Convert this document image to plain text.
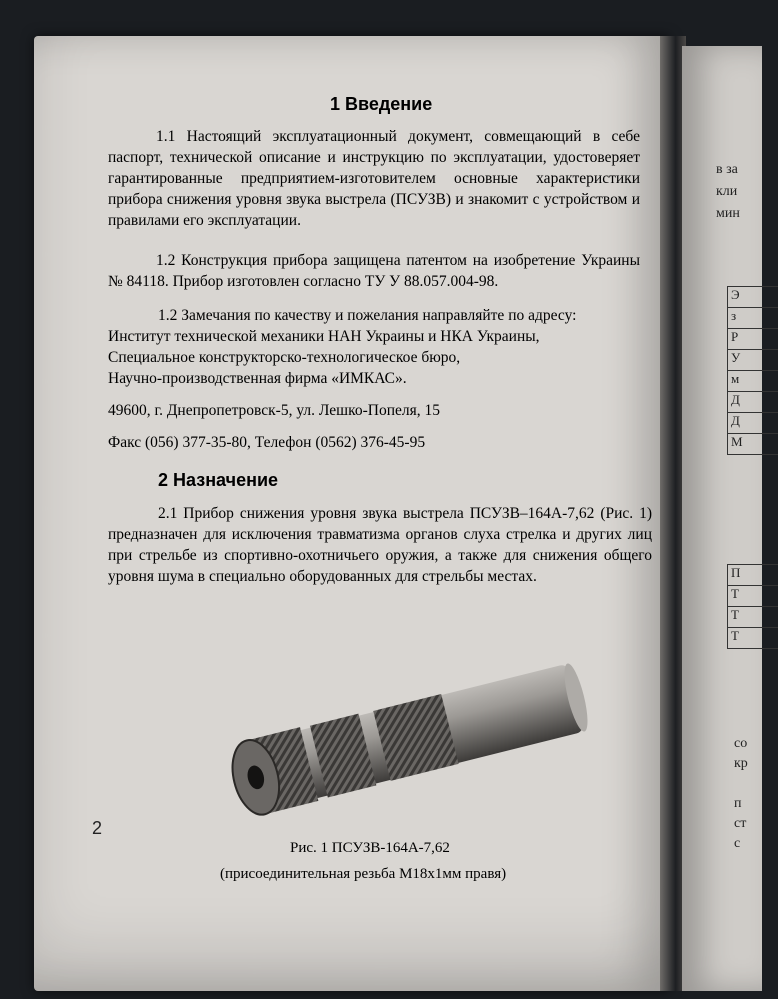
в за
кли
мин
Э
з
Р
У
м
Д
Д
М
П
Т
Т
Т
со
кр
п
ст
с
1 Введение
1.1 Настоящий эксплуатационный документ, совмещающий в себе паспорт, технической описание и инструкцию по эксплуатации, удостоверяет гарантированные предприятием-изготовителем основные характеристики прибора снижения уровня звука выстрела (ПСУЗВ) и знакомит с устройством и правилами его эксплуатации.
1.2 Конструкция прибора защищена патентом на изобретение Украины № 84118. Прибор изготовлен согласно ТУ У 88.057.004-98.
1.2 Замечания по качеству и пожелания направляйте по адресу:
Институт технической механики НАН Украины и НКА Украины,
Специальное конструкторско-технологическое бюро,
Научно-производственная фирма «ИМКАС».
49600, г. Днепропетровск-5, ул. Лешко-Попеля, 15
Факс (056) 377-35-80, Телефон (0562) 376-45-95
2 Назначение
2.1 Прибор снижения уровня звука выстрела ПСУЗВ–164А-7,62 (Рис. 1) предназначен для исключения травматизма органов слуха стрелка и других лиц при стрельбе из спортивно-охотничьего оружия, а также для снижения общего уровня шума в специально оборудованных для стрельбы местах.
Рис. 1 ПСУЗВ-164А-7,62
(присоединительная резьба М18х1мм правя)
2
